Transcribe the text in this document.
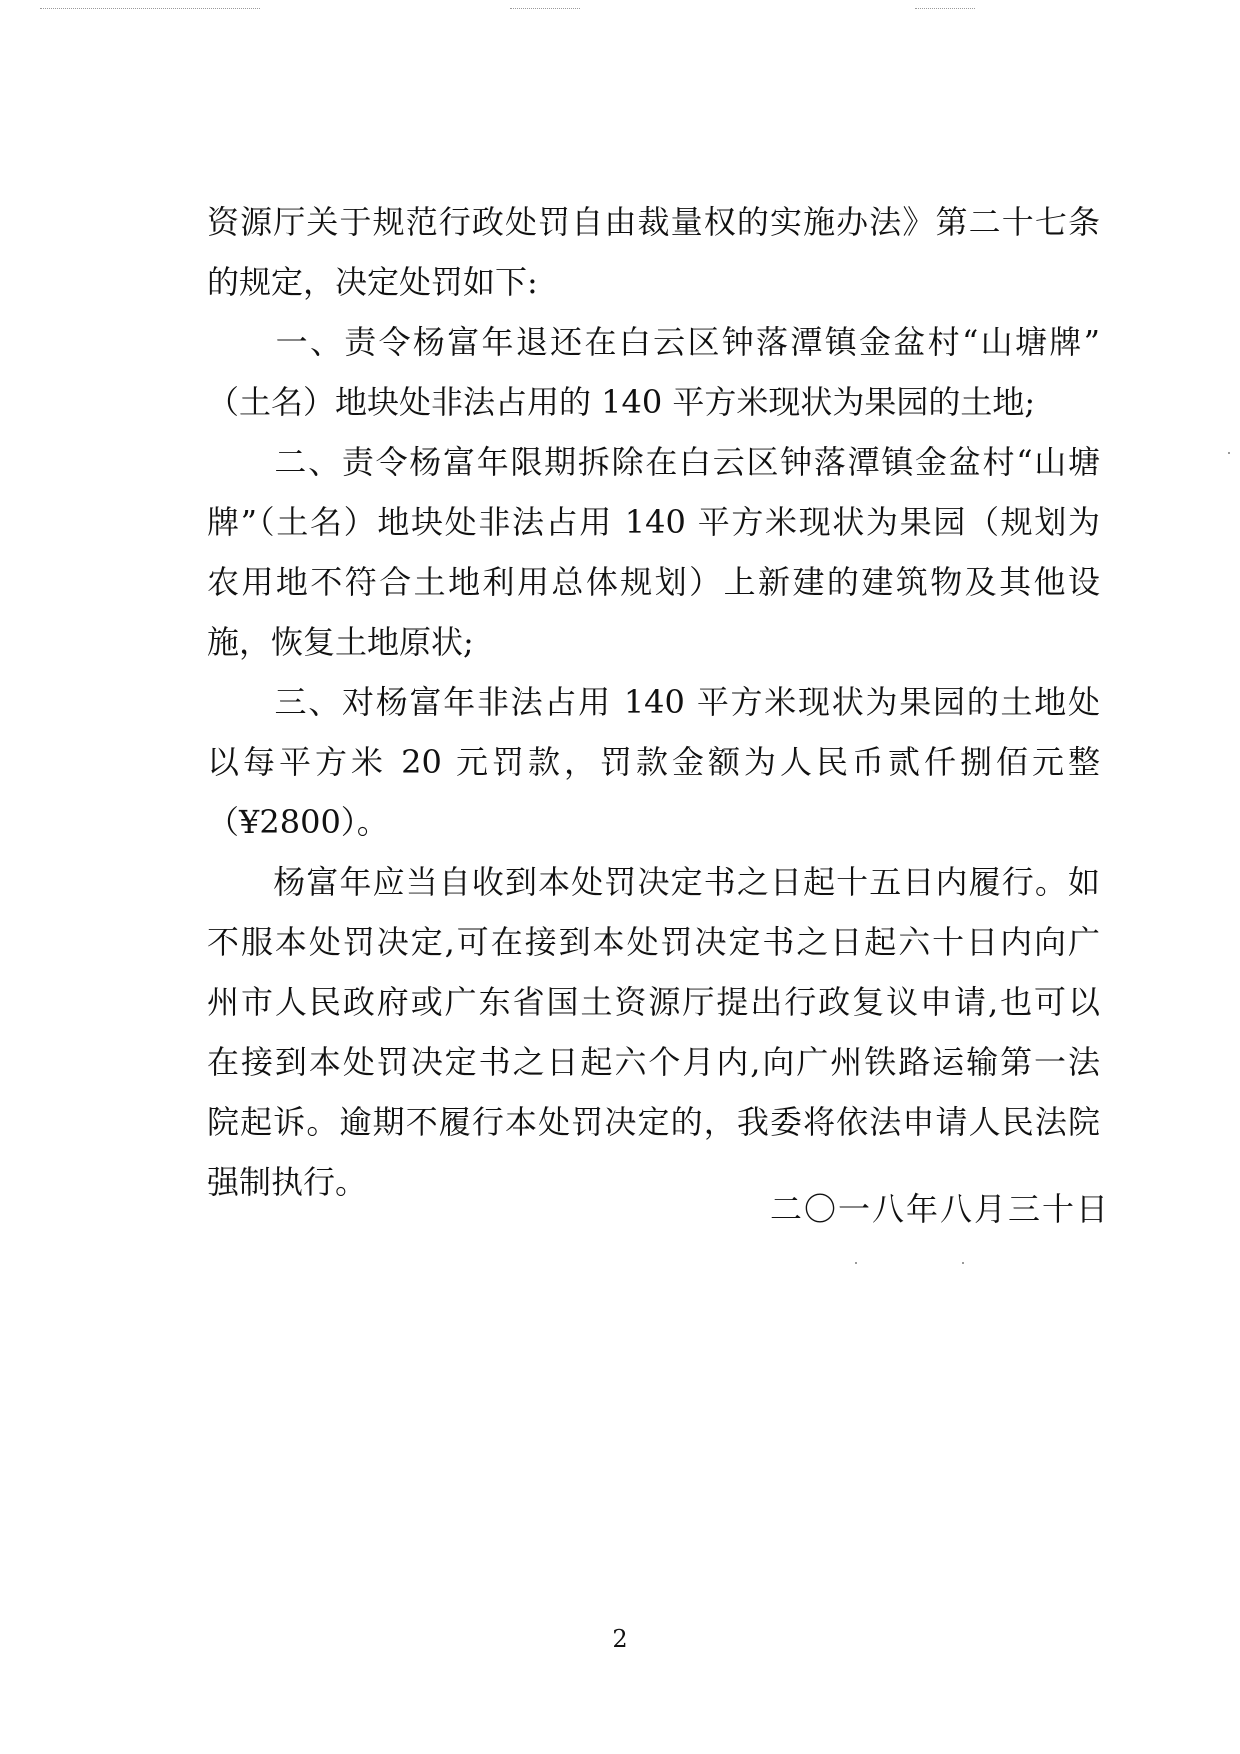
资源厅关于规范行政处罚自由裁量权的实施办法》第二十七条
的规定，决定处罚如下:
　　一、责令杨富年退还在白云区钟落潭镇金盆村“山塘牌”
（土名）地块处非法占用的 140 平方米现状为果园的土地;
　　二、责令杨富年限期拆除在白云区钟落潭镇金盆村“山塘
牌”（土名）地块处非法占用 140 平方米现状为果园（规划为
农用地不符合土地利用总体规划）上新建的建筑物及其他设
施，恢复土地原状;
　　三、对杨富年非法占用 140 平方米现状为果园的土地处
以每平方米 20 元罚款，罚款金额为人民币贰仟捌佰元整
（¥2800）。
　　杨富年应当自收到本处罚决定书之日起十五日内履行。如
不服本处罚决定,可在接到本处罚决定书之日起六十日内向广
州市人民政府或广东省国土资源厅提出行政复议申请,也可以
在接到本处罚决定书之日起六个月内,向广州铁路运输第一法
院起诉。逾期不履行本处罚决定的，我委将依法申请人民法院
强制执行。
二〇一八年八月三十日
2
